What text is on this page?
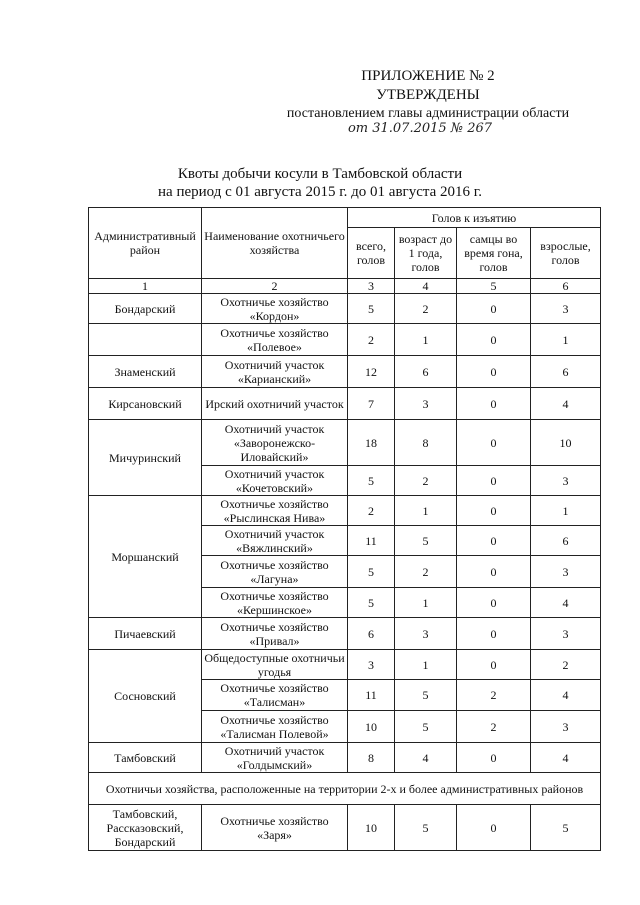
ПРИЛОЖЕНИЕ № 2
УТВЕРЖДЕНЫ
постановлением главы администрации области
от 31.07.2015 № 267
Квоты добычи косули в Тамбовской области
на период с 01 августа 2015 г. до 01 августа 2016 г.
Административный район	Наименование охотничьего хозяйства	Голов к изъятию			
		всего, голов	возраст до 1 года, голов	самцы во время гона, голов	взрослые, голов
1	2	3	4	5	6
Бондарский	Охотничье хозяйство «Кордон»	5	2	0	3
	Охотничье хозяйство «Полевое»	2	1	0	1
Знаменский	Охотничий участок «Карианский»	12	6	0	6
Кирсановский	Ирский охотничий участок	7	3	0	4
Мичуринский	Охотничий участок «Заворонежско-Иловайский»	18	8	0	10
	Охотничий участок «Кочетовский»	5	2	0	3
Моршанский	Охотничье хозяйство «Рыслинская Нива»	2	1	0	1
	Охотничий участок «Вяжлинский»	11	5	0	6
	Охотничье хозяйство «Лагуна»	5	2	0	3
	Охотничье хозяйство «Кершинское»	5	1	0	4
Пичаевский	Охотничье хозяйство «Привал»	6	3	0	3
Сосновский	Общедоступные охотничьи угодья	3	1	0	2
	Охотничье хозяйство «Талисман»	11	5	2	4
	Охотничье хозяйство «Талисман Полевой»	10	5	2	3
Тамбовский	Охотничий участок «Голдымский»	8	4	0	4
Охотничьи хозяйства, расположенные на территории 2-х и более административных районов					
Тамбовский, Рассказовский, Бондарский	Охотничье хозяйство «Заря»	10	5	0	5
